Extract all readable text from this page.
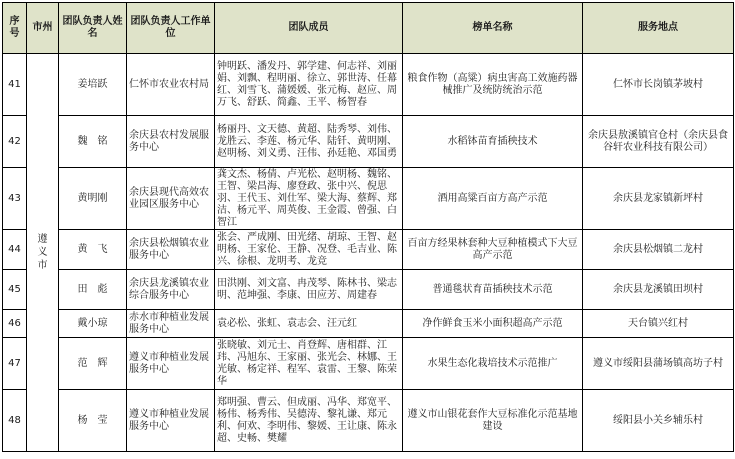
序号	市州	团队负责人姓名	团队负责人工作单位	团队成员	榜单名称	服务地点
41	遵义市	姜培跃	仁怀市农业农村局	钟明跃、潘发丹、郭学建、何志祥、刘丽娟、刘飘、程明丽、徐立、郭世涛、任幕红、刘雪飞、蒲媛媛、张元梅、赵应、周万飞、舒跃、简鑫、王平、杨智春	粮食作物（高粱）病虫害高工效施药器械推广及统防统治示范	仁怀市长岗镇茅坡村
42		魏　铭	余庆县农村发展服务中心	杨丽丹、文天德、黄超、陆秀琴、刘伟、龙胜云、李莲、杨元华、陆钎、黄明刚、赵明杨、刘义勇、汪伟、孙廷艳、邓国勇	水稻钵苗育插秧技术	余庆县敖溪镇官仓村（余庆县食谷轩农业科技有限公司）
43		黄明刚	余庆县现代高效农业园区服务中心	龚文杰、杨倩、卢光松、赵明杨、魏铭、王智、梁昌海、廖登政、张中兴、倪思羽、王代玉、刘仕军、梁大海、蔡辉、郑洁、杨元平、周英俊、王金霞、曾强、白智江	酒用高粱百亩方高产示范	余庆县龙家镇新坪村
44		黄　飞	余庆县松烟镇农业服务中心	张会、严成刚、田光绪、胡琼、王智、赵明杨、王家伦、王静、况登、毛吉业、陈兴、徐根、龙明考、龙竞	百亩方经果林套种大豆种植模式下大豆高产示范	余庆县松烟镇二龙村
45		田　彪	余庆县龙溪镇农业综合服务中心	田洪刚、刘文富、冉茂琴、陈林书、梁志明、范坤强、李康、田应芳、周建春	普通毯状育苗插秧技术示范	余庆县龙溪镇田坝村
46		戴小琼	赤水市种植业发展服务中心	袁必松、张虹、袁志会、汪元红	净作鲜食玉米小面积超高产示范	天台镇兴红村
47		范　辉	遵义市种植业发展服务中心	张晓敏、刘元士、肖登辉、唐相群、江玮、冯旭东、王家丽、张光会、林娜、王光敏、杨定祥、程军、袁雷、王黎、陈荣华	水果生态化栽培技术示范推广	遵义市绥阳县蒲场镇高坊子村
48		杨　莹	遵义市种植业发展服务中心	郑明强、曹云、但成丽、冯华、郑宽平、杨伟、杨秀伟、吴德涛、黎礼谦、郑元利、何欢、李明伟、黎媛、王让康、陈永超、史畅、樊耀	遵义市山银花套作大豆标准化示范基地建设	绥阳县小关乡辅乐村
